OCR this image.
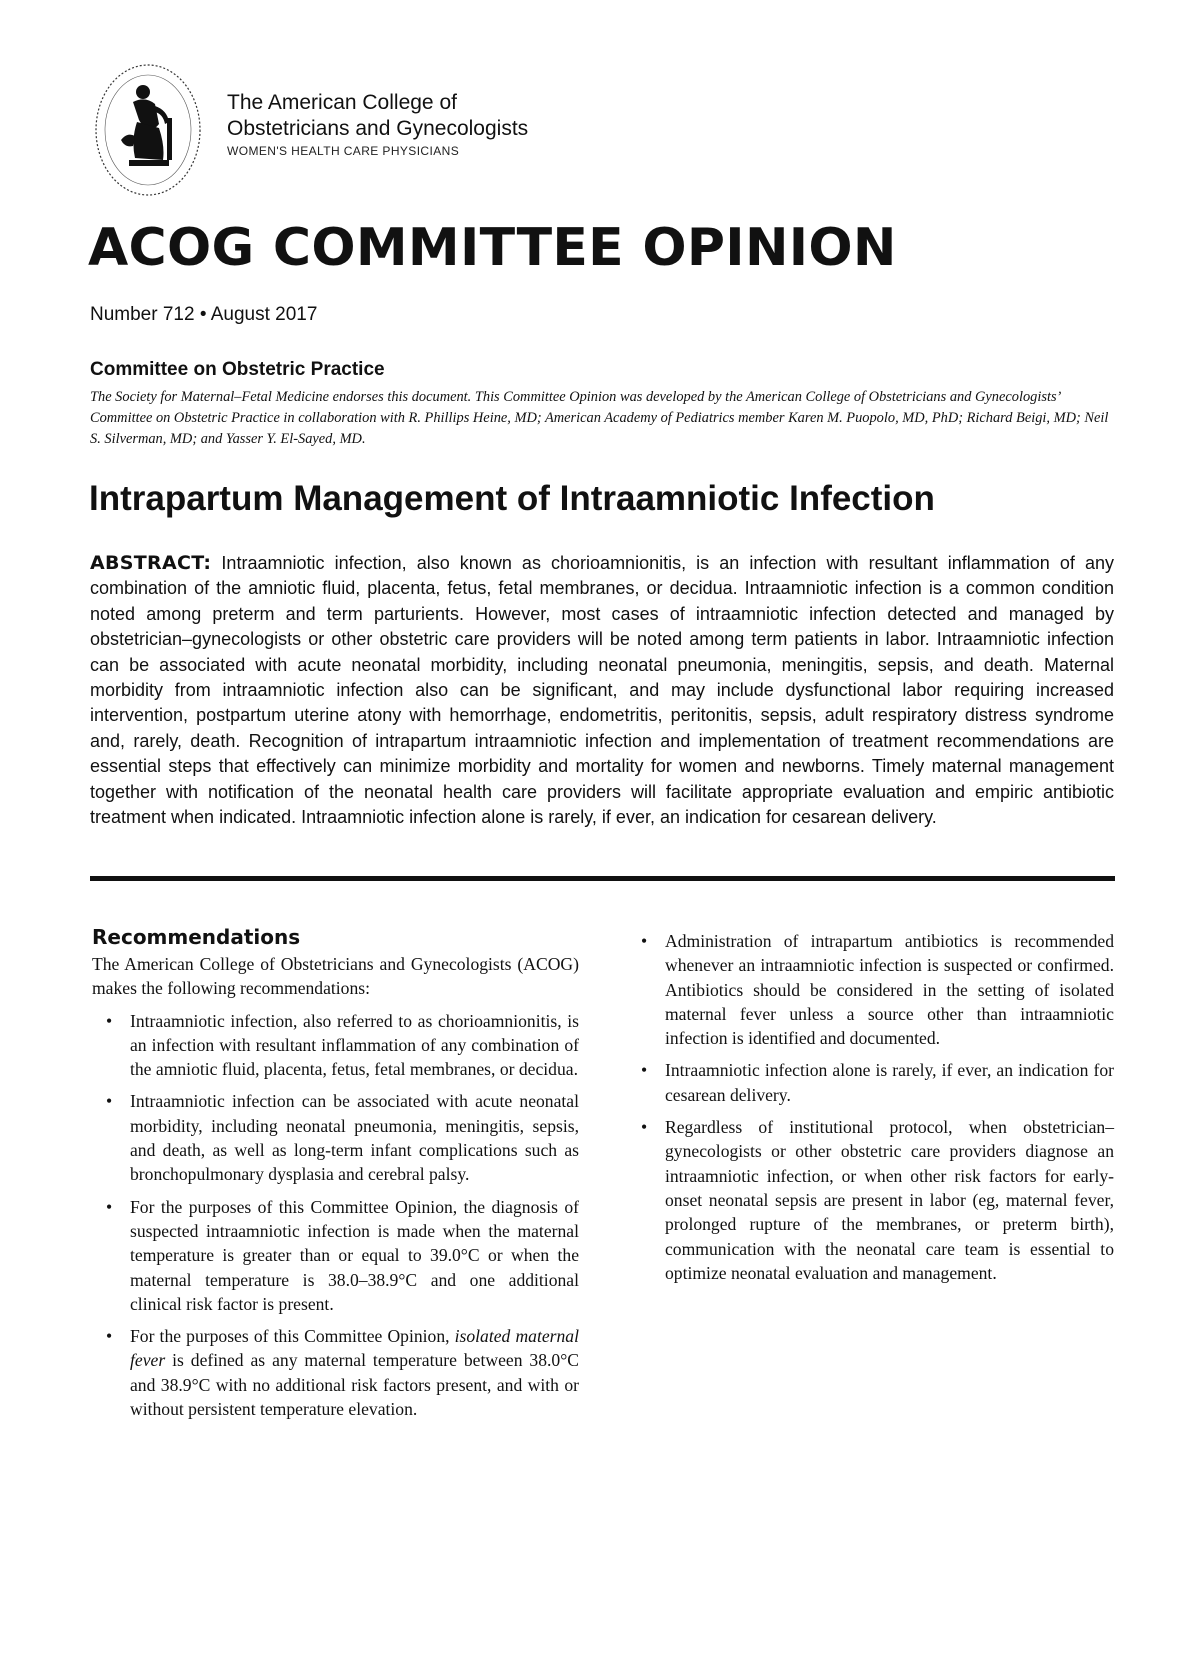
The American College of
Obstetricians and Gynecologists
WOMEN'S HEALTH CARE PHYSICIANS
ACOG COMMITTEE OPINION
Number 712 • August 2017
Committee on Obstetric Practice
The Society for Maternal–Fetal Medicine endorses this document. This Committee Opinion was developed by the American College of Obstetricians and Gynecologists’ Committee on Obstetric Practice in collaboration with R. Phillips Heine, MD; American Academy of Pediatrics member Karen M. Puopolo, MD, PhD; Richard Beigi, MD; Neil S. Silverman, MD; and Yasser Y. El-Sayed, MD.
Intrapartum Management of Intraamniotic Infection

ABSTRACT: Intraamniotic infection, also known as chorioamnionitis, is an infection with resultant inflammation of any combination of the amniotic fluid, placenta, fetus, fetal membranes, or decidua. Intraamniotic infection is a common condition noted among preterm and term parturients. However, most cases of intraamniotic infection detected and managed by obstetrician–gynecologists or other obstetric care providers will be noted among term patients in labor. Intraamniotic infection can be associated with acute neonatal morbidity, including neonatal pneumonia, meningitis, sepsis, and death. Maternal morbidity from intraamniotic infection also can be significant, and may include dysfunctional labor requiring increased intervention, postpartum uterine atony with hemorrhage, endometritis, peritonitis, sepsis, adult respiratory distress syndrome and, rarely, death. Recognition of intrapartum intraamniotic infection and implementation of treatment recommendations are essential steps that effectively can minimize morbidity and mortality for women and newborns. Timely maternal management together with notification of the neonatal health care providers will facilitate appropriate evaluation and empiric antibiotic treatment when indicated. Intraamniotic infection alone is rarely, if ever, an indication for cesarean delivery.

Recommendations

The American College of Obstetricians and Gynecologists (ACOG) makes the following recommendations:

• Intraamniotic infection, also referred to as chorioamnionitis, is an infection with resultant inflammation of any combination of the amniotic fluid, placenta, fetus, fetal membranes, or decidua.
• Intraamniotic infection can be associated with acute neonatal morbidity, including neonatal pneumonia, meningitis, sepsis, and death, as well as long-term infant complications such as bronchopulmonary dysplasia and cerebral palsy.
• For the purposes of this Committee Opinion, the diagnosis of suspected intraamniotic infection is made when the maternal temperature is greater than or equal to 39.0°C or when the maternal temperature is 38.0–38.9°C and one additional clinical risk factor is present.
• For the purposes of this Committee Opinion, isolated maternal fever is defined as any maternal temperature between 38.0°C and 38.9°C with no additional risk factors present, and with or without persistent temperature elevation.
• Administration of intrapartum antibiotics is recommended whenever an intraamniotic infection is suspected or confirmed. Antibiotics should be considered in the setting of isolated maternal fever unless a source other than intraamniotic infection is identified and documented.
• Intraamniotic infection alone is rarely, if ever, an indication for cesarean delivery.
• Regardless of institutional protocol, when obstetrician–gynecologists or other obstetric care providers diagnose an intraamniotic infection, or when other risk factors for early-onset neonatal sepsis are present in labor (eg, maternal fever, prolonged rupture of the membranes, or preterm birth), communication with the neonatal care team is essential to optimize neonatal evaluation and management.
